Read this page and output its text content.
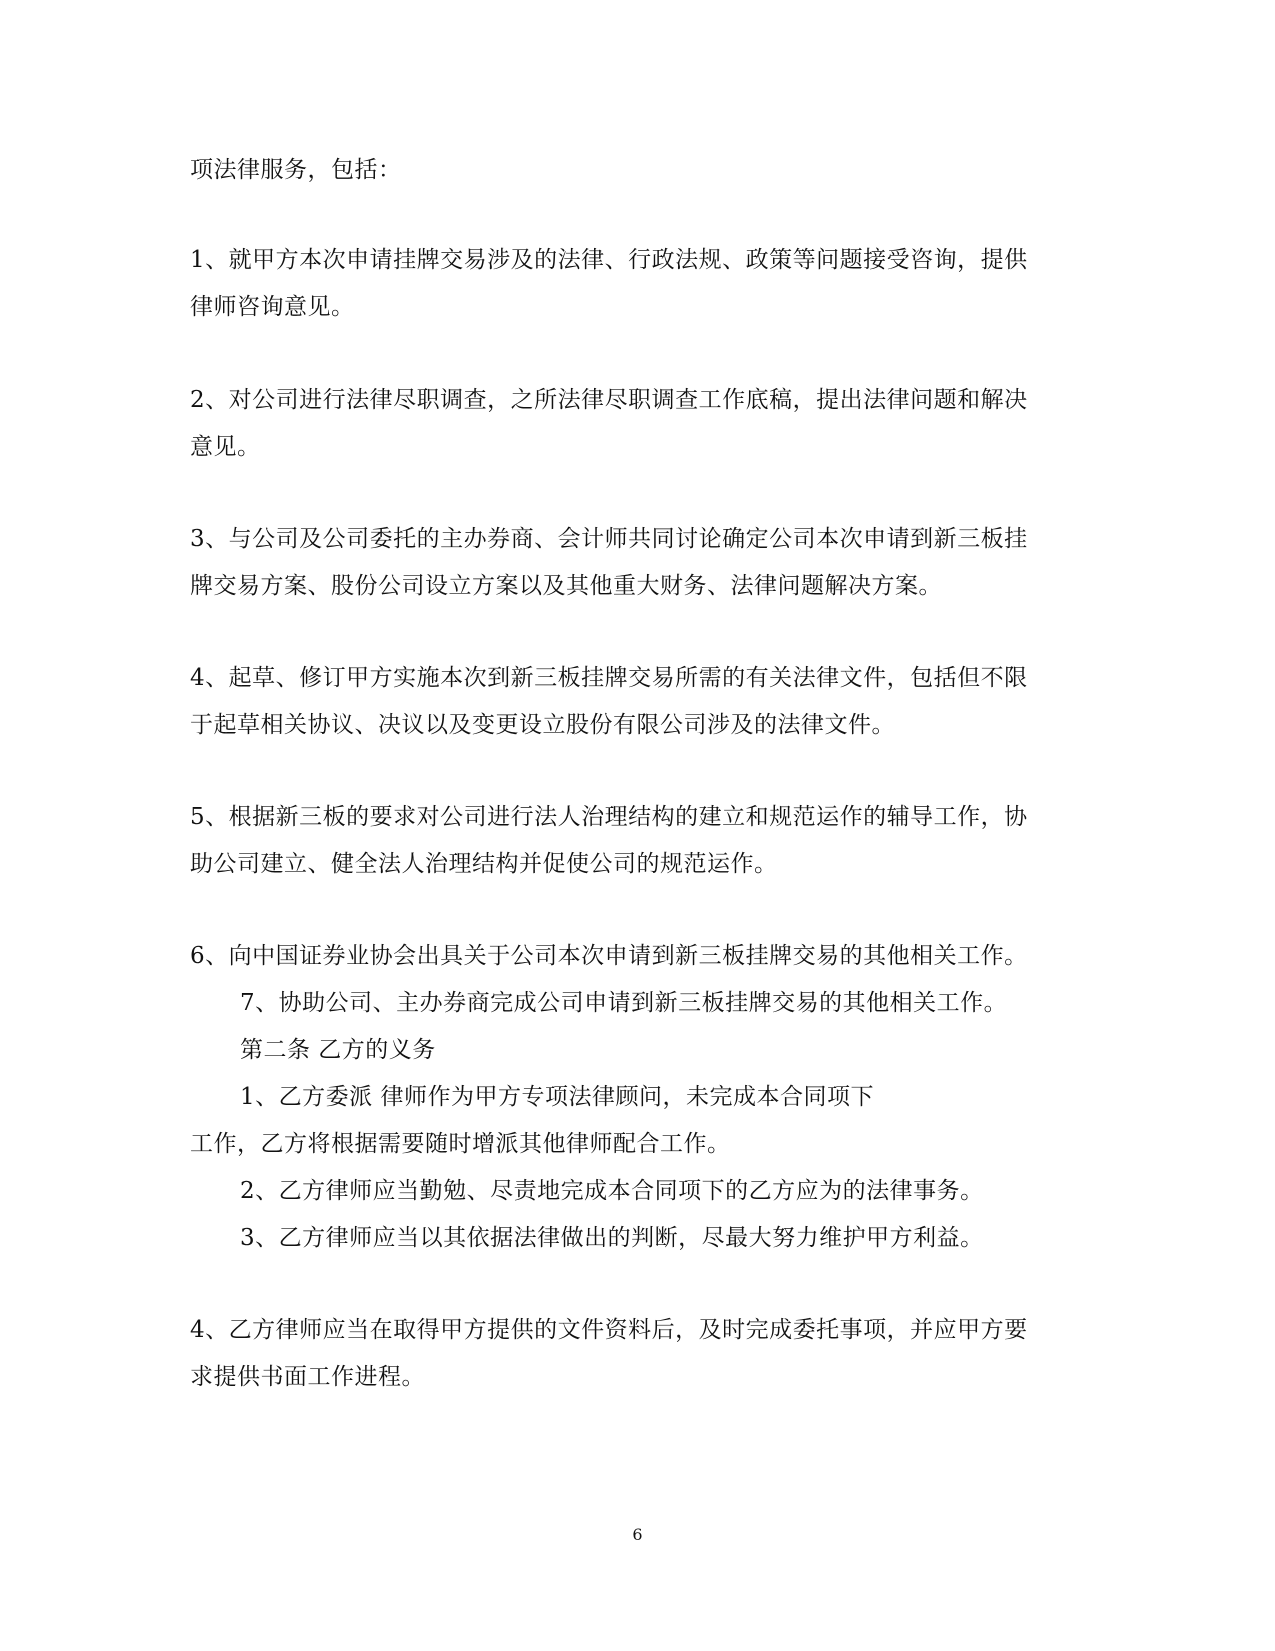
项法律服务，包括：
1、就甲方本次申请挂牌交易涉及的法律、行政法规、政策等问题接受咨询，提供
律师咨询意见。
2、对公司进行法律尽职调查，之所法律尽职调查工作底稿，提出法律问题和解决
意见。
3、与公司及公司委托的主办券商、会计师共同讨论确定公司本次申请到新三板挂
牌交易方案、股份公司设立方案以及其他重大财务、法律问题解决方案。
4、起草、修订甲方实施本次到新三板挂牌交易所需的有关法律文件，包括但不限
于起草相关协议、决议以及变更设立股份有限公司涉及的法律文件。
5、根据新三板的要求对公司进行法人治理结构的建立和规范运作的辅导工作，协
助公司建立、健全法人治理结构并促使公司的规范运作。
6、向中国证券业协会出具关于公司本次申请到新三板挂牌交易的其他相关工作。
7、协助公司、主办券商完成公司申请到新三板挂牌交易的其他相关工作。
第二条 乙方的义务
1、乙方委派 律师作为甲方专项法律顾问，未完成本合同项下
工作，乙方将根据需要随时增派其他律师配合工作。
2、乙方律师应当勤勉、尽责地完成本合同项下的乙方应为的法律事务。
3、乙方律师应当以其依据法律做出的判断，尽最大努力维护甲方利益。
4、乙方律师应当在取得甲方提供的文件资料后，及时完成委托事项，并应甲方要
求提供书面工作进程。
6
